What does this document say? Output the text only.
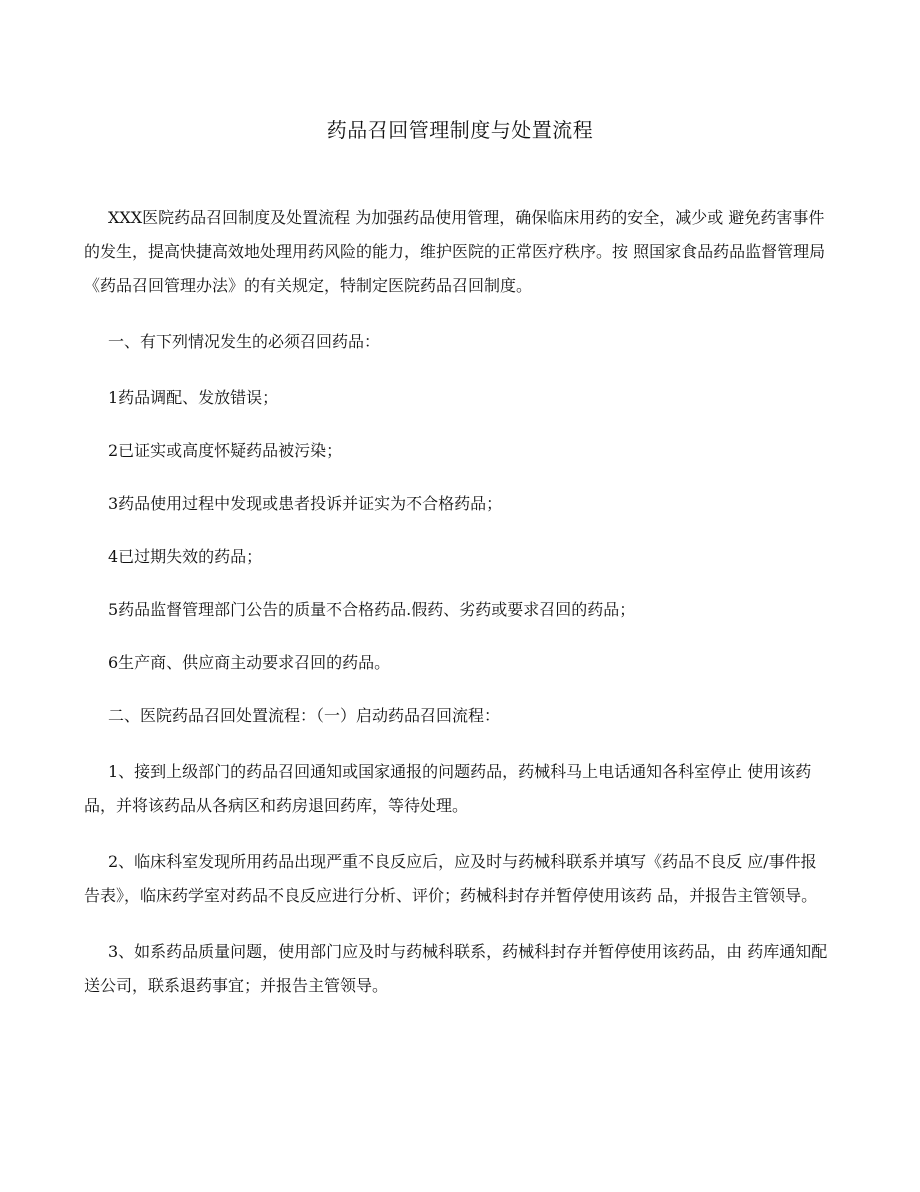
药品召回管理制度与处置流程

XXX医院药品召回制度及处置流程 为加强药品使用管理，确保临床用药的安全，减少或 避免药害事件的发生，提高快捷高效地处理用药风险的能力，维护医院的正常医疗秩序。按 照国家食品药品监督管理局《药品召回管理办法》的有关规定，特制定医院药品召回制度。

一、有下列情况发生的必须召回药品：

1药品调配、发放错误；

2已证实或高度怀疑药品被污染；

3药品使用过程中发现或患者投诉并证实为不合格药品；

4已过期失效的药品；

5药品监督管理部门公告的质量不合格药品.假药、劣药或要求召回的药品；

6生产商、供应商主动要求召回的药品。

二、医院药品召回处置流程：（一）启动药品召回流程：

1、接到上级部门的药品召回通知或国家通报的问题药品，药械科马上电话通知各科室停止 使用该药品，并将该药品从各病区和药房退回药库，等待处理。

2、临床科室发现所用药品出现严重不良反应后，应及时与药械科联系并填写《药品不良反 应/事件报告表》，临床药学室对药品不良反应进行分析、评价；药械科封存并暂停使用该药 品，并报告主管领导。

3、如系药品质量问题，使用部门应及时与药械科联系，药械科封存并暂停使用该药品，由 药库通知配送公司，联系退药事宜；并报告主管领导。
